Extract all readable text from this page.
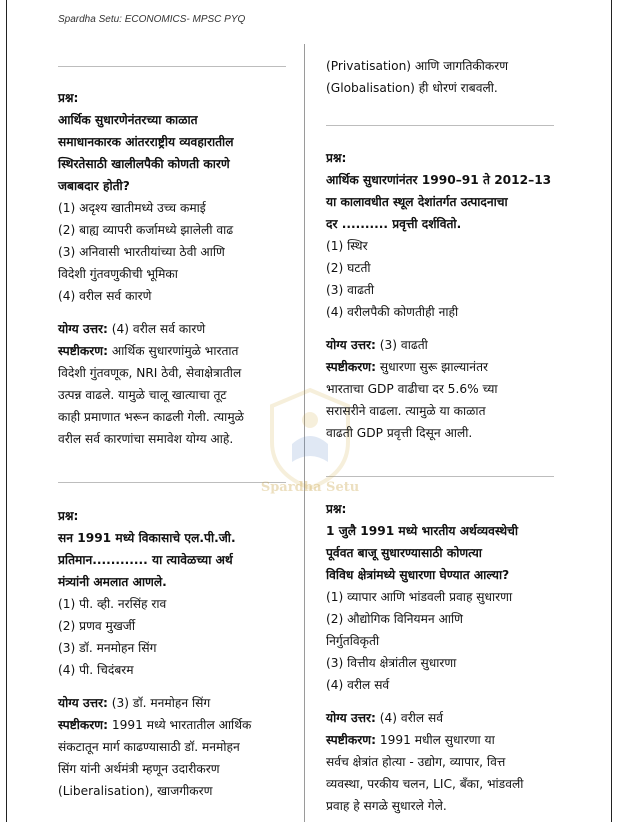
Spardha Setu: ECONOMICS- MPSC PYQ
Spardha Setu
प्रश्न:
आर्थिक सुधारणेनंतरच्या काळात
समाधानकारक आंतरराष्ट्रीय व्यवहारातील
स्थिरतेसाठी खालीलपैकी कोणती कारणे
जबाबदार होती?
(1) अदृश्य खातीमध्ये उच्च कमाई
(2) बाह्य व्यापरी कर्जामध्ये झालेली वाढ
(3) अनिवासी भारतीयांच्या ठेवी आणि
विदेशी गुंतवणुकीची भूमिका
(4) वरील सर्व कारणे
योग्य उत्तर: (4) वरील सर्व कारणे
स्पष्टीकरण: आर्थिक सुधारणांमुळे भारतात
विदेशी गुंतवणूक, NRI ठेवी, सेवाक्षेत्रातील
उत्पन्न वाढले. यामुळे चालू खात्याचा तूट
काही प्रमाणात भरून काढली गेली. त्यामुळे
वरील सर्व कारणांचा समावेश योग्य आहे.
प्रश्न:
सन 1991 मध्ये विकासाचे एल.पी.जी.
प्रतिमान............ या त्यावेळच्या अर्थ
मंत्र्यांनी अमलात आणले.
(1) पी. व्ही. नरसिंह राव
(2) प्रणव मुखर्जी
(3) डॉ. मनमोहन सिंग
(4) पी. चिदंबरम
योग्य उत्तर: (3) डॉ. मनमोहन सिंग
स्पष्टीकरण: 1991 मध्ये भारतातील आर्थिक
संकटातून मार्ग काढण्यासाठी डॉ. मनमोहन
सिंग यांनी अर्थमंत्री म्हणून उदारीकरण
(Liberalisation), खाजगीकरण
(Privatisation) आणि जागतिकीकरण
(Globalisation) ही धोरणं राबवली.
प्रश्न:
आर्थिक सुधारणांनंतर 1990–91 ते 2012–13
या कालावधीत स्थूल देशांतर्गत उत्पादनाचा
दर .......... प्रवृत्ती दर्शवितो.
(1) स्थिर
(2) घटती
(3) वाढती
(4) वरीलपैकी कोणतीही नाही
योग्य उत्तर: (3) वाढती
स्पष्टीकरण: सुधारणा सुरू झाल्यानंतर
भारताचा GDP वाढीचा दर 5.6% च्या
सरासरीने वाढला. त्यामुळे या काळात
वाढती GDP प्रवृत्ती दिसून आली.
प्रश्न:
1 जुलै 1991 मध्ये भारतीय अर्थव्यवस्थेची
पूर्ववत बाजू सुधारण्यासाठी कोणत्या
विविध क्षेत्रांमध्ये सुधारणा घेण्यात आल्या?
(1) व्यापार आणि भांडवली प्रवाह सुधारणा
(2) औद्योगिक विनियमन आणि
निर्गुतविकृती
(3) वित्तीय क्षेत्रांतील सुधारणा
(4) वरील सर्व
योग्य उत्तर: (4) वरील सर्व
स्पष्टीकरण: 1991 मधील सुधारणा या
सर्वच क्षेत्रांत होत्या - उद्योग, व्यापार, वित्त
व्यवस्था, परकीय चलन, LIC, बँका, भांडवली
प्रवाह हे सगळे सुधारले गेले.
